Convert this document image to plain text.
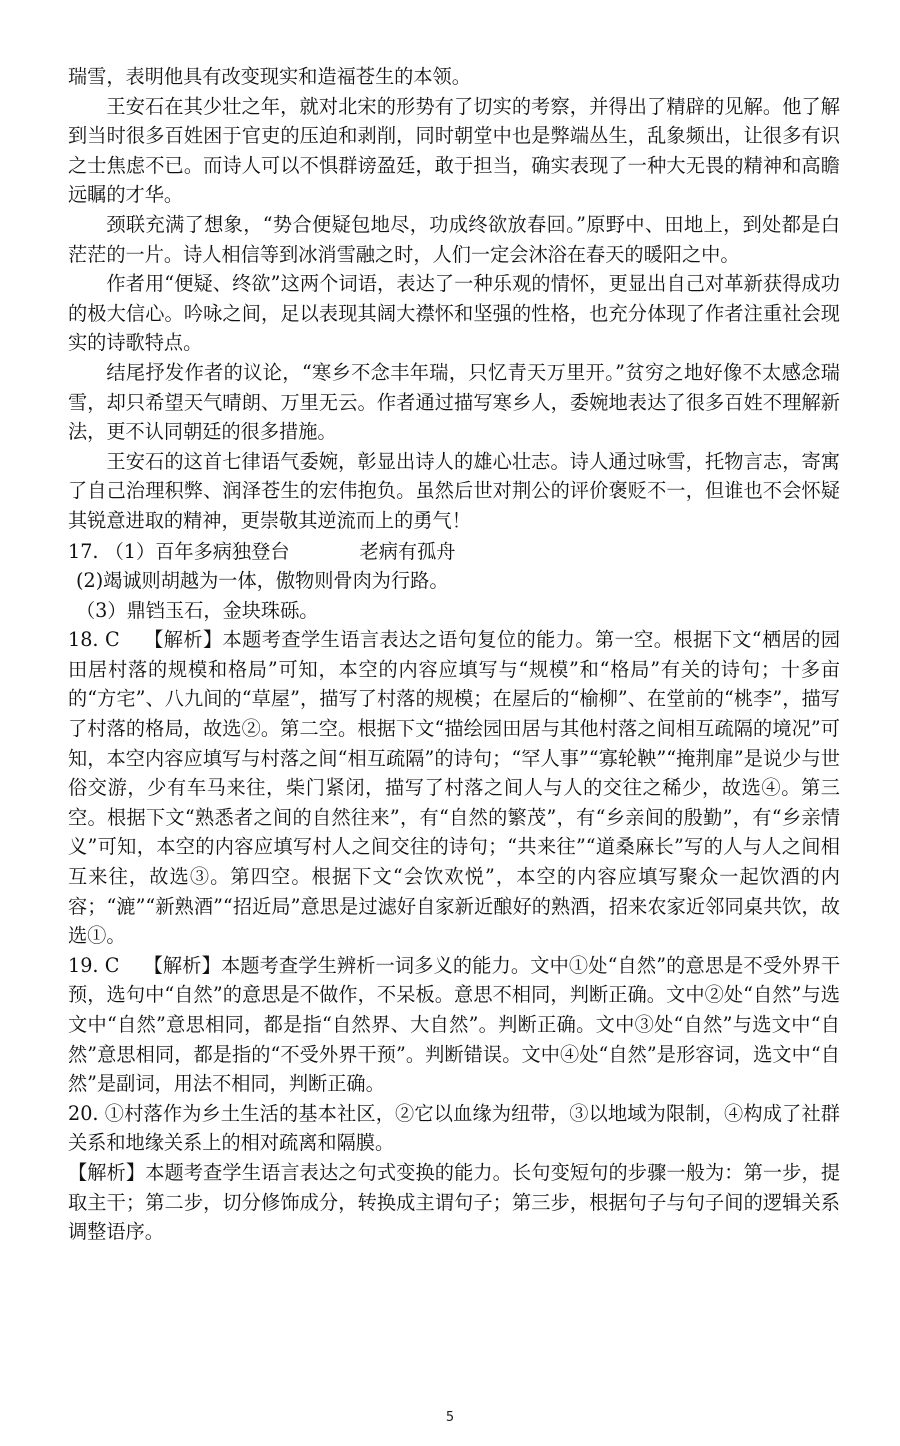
瑞雪，表明他具有改变现实和造福苍生的本领。

王安石在其少壮之年，就对北宋的形势有了切实的考察，并得出了精辟的见解。他了解到当时很多百姓困于官吏的压迫和剥削，同时朝堂中也是弊端丛生，乱象频出，让很多有识之士焦虑不已。而诗人可以不惧群谤盈廷，敢于担当，确实表现了一种大无畏的精神和高瞻远瞩的才华。

颈联充满了想象，“势合便疑包地尽，功成终欲放春回。”原野中、田地上，到处都是白茫茫的一片。诗人相信等到冰消雪融之时，人们一定会沐浴在春天的暖阳之中。

作者用“便疑、终欲”这两个词语，表达了一种乐观的情怀，更显出自己对革新获得成功的极大信心。吟咏之间，足以表现其阔大襟怀和坚强的性格，也充分体现了作者注重社会现实的诗歌特点。

结尾抒发作者的议论，“寒乡不念丰年瑞，只忆青天万里开。”贫穷之地好像不太感念瑞雪，却只希望天气晴朗、万里无云。作者通过描写寒乡人，委婉地表达了很多百姓不理解新法，更不认同朝廷的很多措施。

王安石的这首七律语气委婉，彰显出诗人的雄心壮志。诗人通过咏雪，托物言志，寄寓了自己治理积弊、润泽苍生的宏伟抱负。虽然后世对荆公的评价褒贬不一，但谁也不会怀疑其锐意进取的精神，更崇敬其逆流而上的勇气！

17. （1）百年多病独登台	老病有孤舟

(2)竭诚则胡越为一体，傲物则骨肉为行路。

（3）鼎铛玉石，金块珠砾。

18. C 【解析】本题考查学生语言表达之语句复位的能力。第一空。根据下文“栖居的园田居村落的规模和格局”可知，本空的内容应填写与“规模”和“格局”有关的诗句；十多亩的“方宅”、八九间的“草屋”，描写了村落的规模；在屋后的“榆柳”、在堂前的“桃李”，描写了村落的格局，故选②。第二空。根据下文“描绘园田居与其他村落之间相互疏隔的境况”可知，本空内容应填写与村落之间“相互疏隔”的诗句；“罕人事”“寡轮鞅”“掩荆扉”是说少与世俗交游，少有车马来往，柴门紧闭，描写了村落之间人与人的交往之稀少，故选④。第三空。根据下文“熟悉者之间的自然往来”，有“自然的繁茂”，有“乡亲间的殷勤”，有“乡亲情义”可知，本空的内容应填写村人之间交往的诗句；“共来往”“道桑麻长”写的人与人之间相互来往，故选③。第四空。根据下文“会饮欢悦”，本空的内容应填写聚众一起饮酒的内容；“漉”“新熟酒”“招近局”意思是过滤好自家新近酿好的熟酒，招来农家近邻同桌共饮，故选①。

19. C 【解析】本题考查学生辨析一词多义的能力。文中①处“自然”的意思是不受外界干预，选句中“自然”的意思是不做作，不呆板。意思不相同，判断正确。文中②处“自然”与选文中“自然”意思相同，都是指“自然界、大自然”。判断正确。文中③处“自然”与选文中“自然”意思相同，都是指的“不受外界干预”。判断错误。文中④处“自然”是形容词，选文中“自然”是副词，用法不相同，判断正确。

20. ①村落作为乡土生活的基本社区，②它以血缘为纽带，③以地域为限制，④构成了社群关系和地缘关系上的相对疏离和隔膜。

【解析】本题考查学生语言表达之句式变换的能力。长句变短句的步骤一般为：第一步，提取主干；第二步，切分修饰成分，转换成主谓句子；第三步，根据句子与句子间的逻辑关系调整语序。

5
